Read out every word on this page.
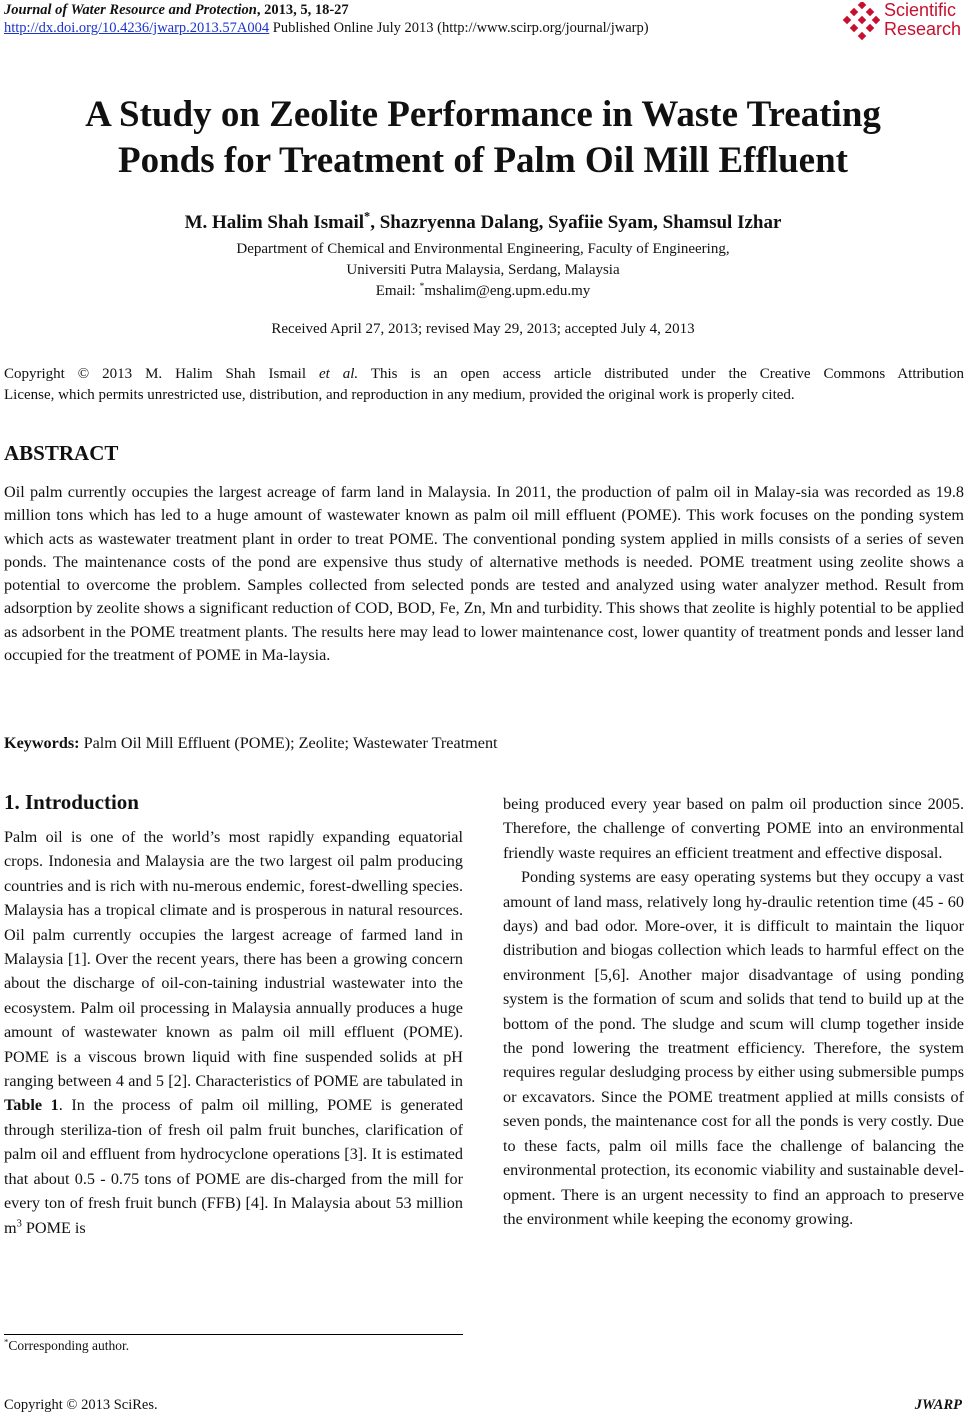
Journal of Water Resource and Protection, 2013, 5, 18-27
http://dx.doi.org/10.4236/jwarp.2013.57A004 Published Online July 2013 (http://www.scirp.org/journal/jwarp)
Scientific
Research
A Study on Zeolite Performance in Waste Treating
Ponds for Treatment of Palm Oil Mill Effluent
M. Halim Shah Ismail*, Shazryenna Dalang, Syafiie Syam, Shamsul Izhar
Department of Chemical and Environmental Engineering, Faculty of Engineering,
Universiti Putra Malaysia, Serdang, Malaysia
Email: *mshalim@eng.upm.edu.my
Received April 27, 2013; revised May 29, 2013; accepted July 4, 2013
Copyright © 2013 M. Halim Shah Ismail et al. This is an open access article distributed under the Creative Commons Attribution
License, which permits unrestricted use, distribution, and reproduction in any medium, provided the original work is properly cited.
ABSTRACT
Oil palm currently occupies the largest acreage of farm land in Malaysia. In 2011, the production of palm oil in Malay-sia was recorded as 19.8 million tons which has led to a huge amount of wastewater known as palm oil mill effluent (POME). This work focuses on the ponding system which acts as wastewater treatment plant in order to treat POME. The conventional ponding system applied in mills consists of a series of seven ponds. The maintenance costs of the pond are expensive thus study of alternative methods is needed. POME treatment using zeolite shows a potential to overcome the problem. Samples collected from selected ponds are tested and analyzed using water analyzer method. Result from adsorption by zeolite shows a significant reduction of COD, BOD, Fe, Zn, Mn and turbidity. This shows that zeolite is highly potential to be applied as adsorbent in the POME treatment plants. The results here may lead to lower maintenance cost, lower quantity of treatment ponds and lesser land occupied for the treatment of POME in Ma-laysia.
Keywords: Palm Oil Mill Effluent (POME); Zeolite; Wastewater Treatment
1. Introduction

Palm oil is one of the world’s most rapidly expanding equatorial crops. Indonesia and Malaysia are the two largest oil palm producing countries and is rich with nu-merous endemic, forest-dwelling species. Malaysia has a tropical climate and is prosperous in natural resources. Oil palm currently occupies the largest acreage of farmed land in Malaysia [1]. Over the recent years, there has been a growing concern about the discharge of oil-con-taining industrial wastewater into the ecosystem. Palm oil processing in Malaysia annually produces a huge amount of wastewater known as palm oil mill effluent (POME). POME is a viscous brown liquid with fine suspended solids at pH ranging between 4 and 5 [2]. Characteristics of POME are tabulated in Table 1. In the process of palm oil milling, POME is generated through steriliza-tion of fresh oil palm fruit bunches, clarification of palm oil and effluent from hydrocyclone operations [3]. It is estimated that about 0.5 - 0.75 tons of POME are dis-charged from the mill for every ton of fresh fruit bunch (FFB) [4]. In Malaysia about 53 million $m^3$ POME is

being produced every year based on palm oil production since 2005. Therefore, the challenge of converting POME into an environmental friendly waste requires an efficient treatment and effective disposal.

Ponding systems are easy operating systems but they occupy a vast amount of land mass, relatively long hy-draulic retention time (45 - 60 days) and bad odor. More-over, it is difficult to maintain the liquor distribution and biogas collection which leads to harmful effect on the environment [5,6]. Another major disadvantage of using ponding system is the formation of scum and solids that tend to build up at the bottom of the pond. The sludge and scum will clump together inside the pond lowering the treatment efficiency. Therefore, the system requires regular desludging process by either using submersible pumps or excavators. Since the POME treatment applied at mills consists of seven ponds, the maintenance cost for all the ponds is very costly. Due to these facts, palm oil mills face the challenge of balancing the environmental protection, its economic viability and sustainable devel-opment. There is an urgent necessity to find an approach to preserve the environment while keeping the economy growing.

*Corresponding author.
Copyright © 2013 SciRes.	JWARP
